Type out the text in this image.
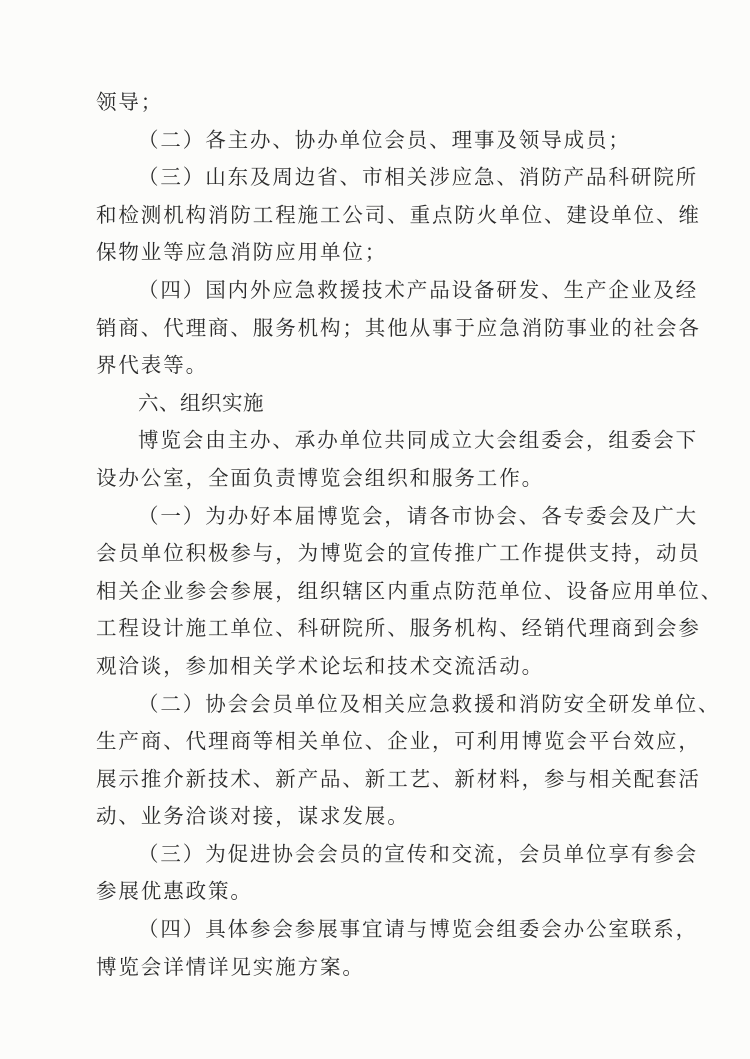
领导；
（二）各主办、协办单位会员、理事及领导成员；
（三）山东及周边省、市相关涉应急、消防产品科研院所
和检测机构消防工程施工公司、重点防火单位、建设单位、维
保物业等应急消防应用单位；
（四）国内外应急救援技术产品设备研发、生产企业及经
销商、代理商、服务机构；其他从事于应急消防事业的社会各
界代表等。
六、组织实施
博览会由主办、承办单位共同成立大会组委会，组委会下
设办公室，全面负责博览会组织和服务工作。
（一）为办好本届博览会，请各市协会、各专委会及广大
会员单位积极参与，为博览会的宣传推广工作提供支持，动员
相关企业参会参展，组织辖区内重点防范单位、设备应用单位、
工程设计施工单位、科研院所、服务机构、经销代理商到会参
观洽谈，参加相关学术论坛和技术交流活动。
（二）协会会员单位及相关应急救援和消防安全研发单位、
生产商、代理商等相关单位、企业，可利用博览会平台效应，
展示推介新技术、新产品、新工艺、新材料，参与相关配套活
动、业务洽谈对接，谋求发展。
（三）为促进协会会员的宣传和交流，会员单位享有参会
参展优惠政策。
（四）具体参会参展事宜请与博览会组委会办公室联系，
博览会详情详见实施方案。
